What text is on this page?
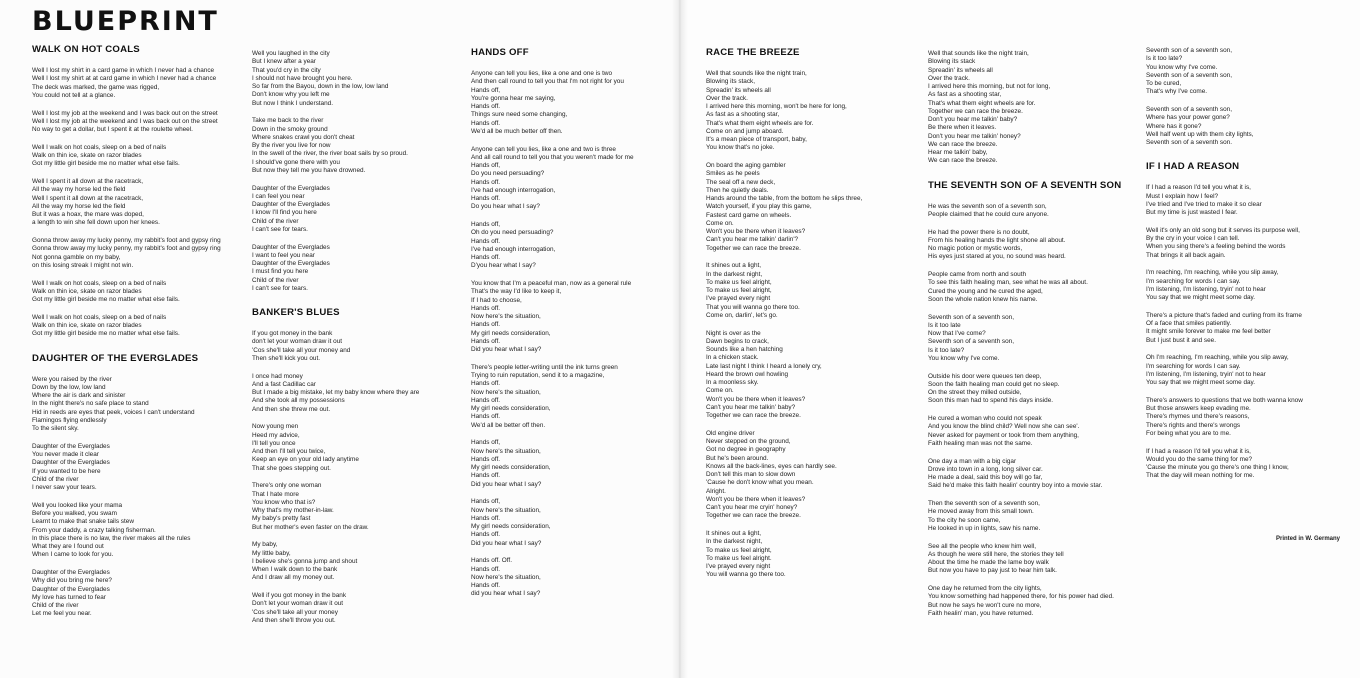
BLUEPRINT
WALK ON HOT COALS
Well I lost my shirt in a card game in which I never had a chance
Well I lost my shirt at at card game in which I never had a chance
The deck was marked, the game was rigged,
You could not tell at a glance.
Well I lost my job at the weekend and I was back out on the street
Well I lost my job at the weekend and I was back out on the street
No way to get a dollar, but I spent it at the roulette wheel.
Well I walk on hot coals, sleep on a bed of nails
Walk on thin ice, skate on razor blades
Got my little girl beside me no matter what else fails.
Well I spent it all down at the racetrack,
All the way my horse led the field
Well I spent it all down at the racetrack,
All the way my horse led the field
But it was a hoax, the mare was doped,
a length to win she fell down upon her knees.
Gonna throw away my lucky penny, my rabbit's foot and gypsy ring
Gonna throw away my lucky penny, my rabbit's foot and gypsy ring
Not gonna gamble on my baby,
on this losing streak I might not win.
Well I walk on hot coals, sleep on a bed of nails
Walk on thin ice, skate on razor blades
Got my little girl beside me no matter what else fails.
Well I walk on hot coals, sleep on a bed of nails
Walk on thin ice, skate on razor blades
Got my little girl beside me no matter what else fails.
DAUGHTER OF THE EVERGLADES
Were you raised by the river
Down by the low, low land
Where the air is dark and sinister
In the night there's no safe place to stand
Hid in reeds are eyes that peek, voices I can't understand
Flamingos flying endlessly
To the silent sky.
Daughter of the Everglades
You never made it clear
Daughter of the Everglades
If you wanted to be here
Child of the river
I never saw your tears.
Well you looked like your mama
Before you walked, you swam
Learnt to make that snake tails stew
From your daddy, a crazy talking fisherman.
In this place there is no law, the river makes all the rules
What they are I found out
When I came to look for you.
Daughter of the Everglades
Why did you bring me here?
Daughter of the Everglades
My love has turned to fear
Child of the river
Let me feel you near.
Well you laughed in the city
But I knew after a year
That you'd cry in the city
I should not have brought you here.
So far from the Bayou, down in the low, low land
Don't know why you left me
But now I think I understand.
Take me back to the river
Down in the smoky ground
Where snakes crawl you don't cheat
By the river you live for now
In the swell of the river, the river boat sails by so proud.
I should've gone there with you
But now they tell me you have drowned.
Daughter of the Everglades
I can feel you near
Daughter of the Everglades
I know I'll find you here
Child of the river
I can't see for tears.
Daughter of the Everglades
I want to feel you near
Daughter of the Everglades
I must find you here
Child of the river
I can't see for tears.
BANKER'S BLUES
If you got money in the bank
don't let your woman draw it out
'Cos she'll take all your money and
Then she'll kick you out.
I once had money
And a fast Cadillac car
But I made a big mistake, let my baby know where they are
And she took all my possessions
And then she threw me out.
Now young men
Heed my advice,
I'll tell you once
And then I'll tell you twice,
Keep an eye on your old lady anytime
That she goes stepping out.
There's only one woman
That I hate more
You know who that is?
Why that's my mother-in-law.
My baby's pretty fast
But her mother's even faster on the draw.
My baby,
My little baby,
I believe she's gonna jump and shout
When I walk down to the bank
And I draw all my money out.
Well if you got money in the bank
Don't let your woman draw it out
'Cos she'll take all your money
And then she'll throw you out.
HANDS OFF
Anyone can tell you lies, like a one and one is two
And then call round to tell you that I'm not right for you
Hands off,
You're gonna hear me saying,
Hands off.
Things sure need some changing,
Hands off.
We'd all be much better off then.
Anyone can tell you lies, like a one and two is three
And all call round to tell you that you weren't made for me
Hands off,
Do you need persuading?
Hands off.
I've had enough interrogation,
Hands off.
Do you hear what I say?
Hands off,
Oh do you need persuading?
Hands off.
I've had enough interrogation,
Hands off.
D'you hear what I say?
You know that I'm a peaceful man, now as a general rule
That's the way I'd like to keep it,
If I had to choose,
Hands off.
Now here's the situation,
Hands off.
My girl needs consideration,
Hands off.
Did you hear what I say?
There's people letter-writing until the ink turns green
Trying to ruin reputation, send it to a magazine,
Hands off.
Now here's the situation,
Hands off.
My girl needs consideration,
Hands off.
We'd all be better off then.
Hands off,
Now here's the situation,
Hands off.
My girl needs consideration,
Hands off.
Did you hear what I say?
Hands off,
Now here's the situation,
Hands off.
My girl needs consideration,
Hands off.
Did you hear what I say?
Hands off. Off.
Hands off.
Now here's the situation,
Hands off.
did you hear what I say?
RACE THE BREEZE
Well that sounds like the night train,
Blowing its stack,
Spreadin' its wheels all
Over the track.
I arrived here this morning, won't be here for long,
As fast as a shooting star,
That's what them eight wheels are for.
Come on and jump aboard.
It's a mean piece of transport, baby,
You know that's no joke.
On board the aging gambler
Smiles as he peels
The seal off a new deck,
Then he quietly deals.
Hands around the table, from the bottom he slips three,
Watch yourself, if you play this game,
Fastest card game on wheels.
Come on.
Won't you be there when it leaves?
Can't you hear me talkin' darlin'?
Together we can race the breeze.
It shines out a light,
In the darkest night,
To make us feel alright,
To make us feel alright,
I've prayed every night
That you will wanna go there too.
Come on, darlin', let's go.
Night is over as the
Dawn begins to crack,
Sounds like a hen hatching
In a chicken stack.
Late last night I think I heard a lonely cry,
Heard the brown owl howling
In a moonless sky.
Come on.
Won't you be there when it leaves?
Can't you hear me talkin' baby?
Together we can race the breeze.
Old engine driver
Never stepped on the ground,
Got no degree in geography
But he's been around.
Knows all the back-lines, eyes can hardly see.
Don't tell this man to slow down
'Cause he don't know what you mean.
Alright.
Won't you be there when it leaves?
Can't you hear me cryin' honey?
Together we can race the breeze.
It shines out a light,
In the darkest night,
To make us feel alright,
To make us feel alright.
I've prayed every night
You will wanna go there too.
Well that sounds like the night train,
Blowing its stack
Spreadin' its wheels all
Over the track.
I arrived here this morning, but not for long,
As fast as a shooting star,
That's what them eight wheels are for.
Together we can race the breeze.
Don't you hear me talkin' baby?
Be there when it leaves.
Don't you hear me talkin' honey?
We can race the breeze.
Hear me talkin' baby,
We can race the breeze.
THE SEVENTH SON OF A SEVENTH SON
He was the seventh son of a seventh son,
People claimed that he could cure anyone.
He had the power there is no doubt,
From his healing hands the light shone all about.
No magic potion or mystic words,
His eyes just stared at you, no sound was heard.
People came from north and south
To see this faith healing man, see what he was all about.
Cured the young and he cured the aged,
Soon the whole nation knew his name.
Seventh son of a seventh son,
Is it too late
Now that I've come?
Seventh son of a seventh son,
Is it too late?
You know why I've come.
Outside his door were queues ten deep,
Soon the faith healing man could get no sleep.
On the street they milled outside,
Soon this man had to spend his days inside.
He cured a woman who could not speak
And you know the blind child? Well now she can see'.
Never asked for payment or took from them anything,
Faith healing man was not the same.
One day a man with a big cigar
Drove into town in a long, long silver car.
He made a deal, said this boy will go far,
Said he'd make this faith healin' country boy into a movie star.
Then the seventh son of a seventh son,
He moved away from this small town.
To the city he soon came,
He looked in up in lights, saw his name.
See all the people who knew him well,
As though he were still here, the stories they tell
About the time he made the lame boy walk
But now you have to pay just to hear him talk.
One day he returned from the city lights,
You know something had happened there, for his power had died.
But now he says he won't cure no more,
Faith healin' man, you have returned.
Seventh son of a seventh son,
Is it too late?
You know why I've come.
Seventh son of a seventh son,
To be cured,
That's why I've come.
Seventh son of a seventh son,
Where has your power gone?
Where has it gone?
Well half went up with them city lights,
Seventh son of a seventh son.
IF I HAD A REASON
If I had a reason I'd tell you what it is,
Must I explain how I feel?
I've tried and I've tried to make it so clear
But my time is just wasted I fear.
Well it's only an old song but it serves its purpose well,
By the cry in your voice I can tell.
When you sing there's a feeling behind the words
That brings it all back again.
I'm reaching, I'm reaching, while you slip away,
I'm searching for words I can say.
I'm listening, I'm listening, tryin' not to hear
You say that we might meet some day.
There's a picture that's faded and curling from its frame
Of a face that smiles patiently.
It might smile forever to make me feel better
But I just bust it and see.
Oh I'm reaching, I'm reaching, while you slip away,
I'm searching for words I can say.
I'm listening, I'm listening, tryin' not to hear
You say that we might meet some day.
There's answers to questions that we both wanna know
But those answers keep evading me.
There's rhymes und there's reasons,
There's rights and there's wrongs
For being what you are to me.
If I had a reason I'd tell you what it is,
Would you do the same thing for me?
'Cause the minute you go there's one thing I know,
That the day will mean nothing for me.
Printed in W. Germany
